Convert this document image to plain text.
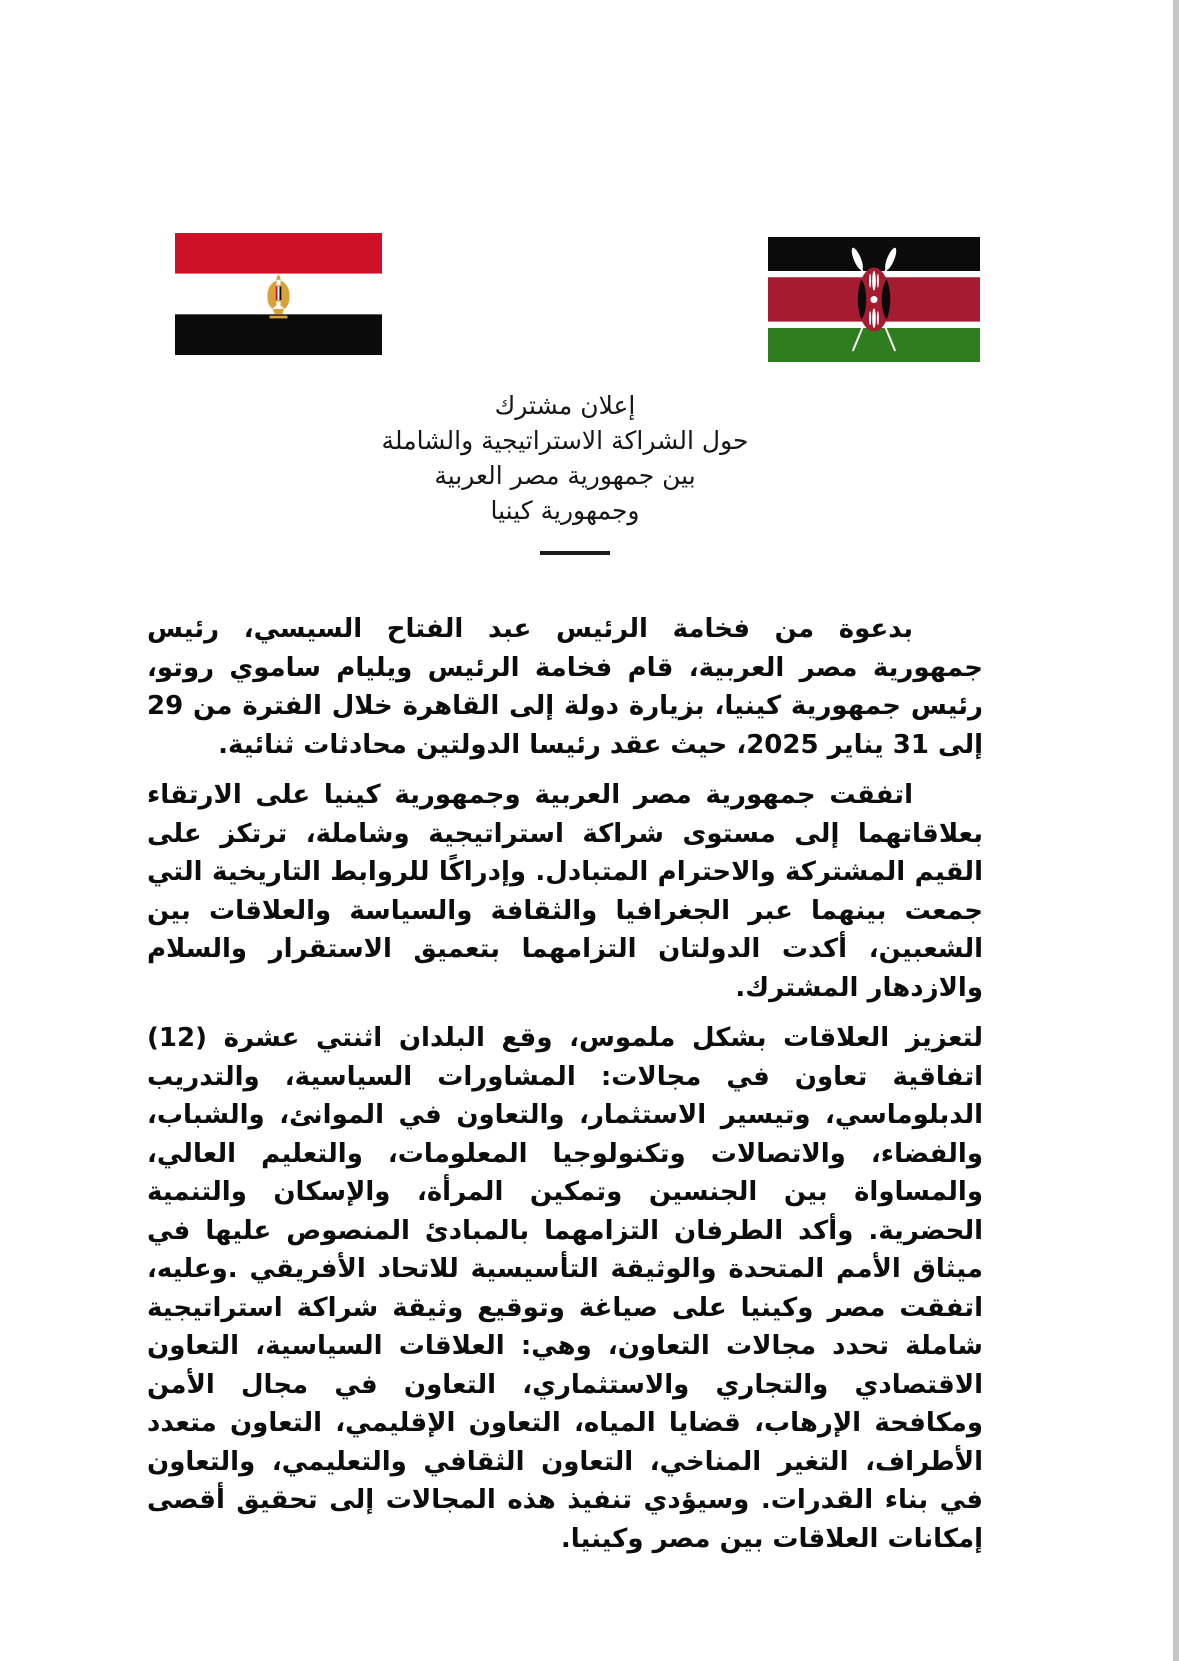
إعلان مشترك
حول الشراكة الاستراتيجية والشاملة
بين جمهورية مصر العربية
وجمهورية كينيا

بدعوة من فخامة الرئيس عبد الفتاح السيسي، رئيس جمهورية مصر العربية، قام فخامة الرئيس ويليام ساموي روتو، رئيس جمهورية كينيا، بزيارة دولة إلى القاهرة خلال الفترة من 29 إلى 31 يناير 2025، حيث عقد رئيسا الدولتين محادثات ثنائية.

اتفقت جمهورية مصر العربية وجمهورية كينيا على الارتقاء بعلاقاتهما إلى مستوى شراكة استراتيجية وشاملة، ترتكز على القيم المشتركة والاحترام المتبادل. وإدراكًا للروابط التاريخية التي جمعت بينهما عبر الجغرافيا والثقافة والسياسة والعلاقات بين الشعبين، أكدت الدولتان التزامهما بتعميق الاستقرار والسلام والازدهار المشترك.

لتعزيز العلاقات بشكل ملموس، وقع البلدان اثنتي عشرة (12) اتفاقية تعاون في مجالات: المشاورات السياسية، والتدريب الدبلوماسي، وتيسير الاستثمار، والتعاون في الموانئ، والشباب، والفضاء، والاتصالات وتكنولوجيا المعلومات، والتعليم العالي، والمساواة بين الجنسين وتمكين المرأة، والإسكان والتنمية الحضرية. وأكد الطرفان التزامهما بالمبادئ المنصوص عليها في ميثاق الأمم المتحدة والوثيقة التأسيسية للاتحاد الأفريقي .وعليه، اتفقت مصر وكينيا على صياغة وتوقيع وثيقة شراكة استراتيجية شاملة تحدد مجالات التعاون، وهي: العلاقات السياسية، التعاون الاقتصادي والتجاري والاستثماري، التعاون في مجال الأمن ومكافحة الإرهاب، قضايا المياه، التعاون الإقليمي، التعاون متعدد الأطراف، التغير المناخي، التعاون الثقافي والتعليمي، والتعاون في بناء القدرات. وسيؤدي تنفيذ هذه المجالات إلى تحقيق أقصى إمكانات العلاقات بين مصر وكينيا.
